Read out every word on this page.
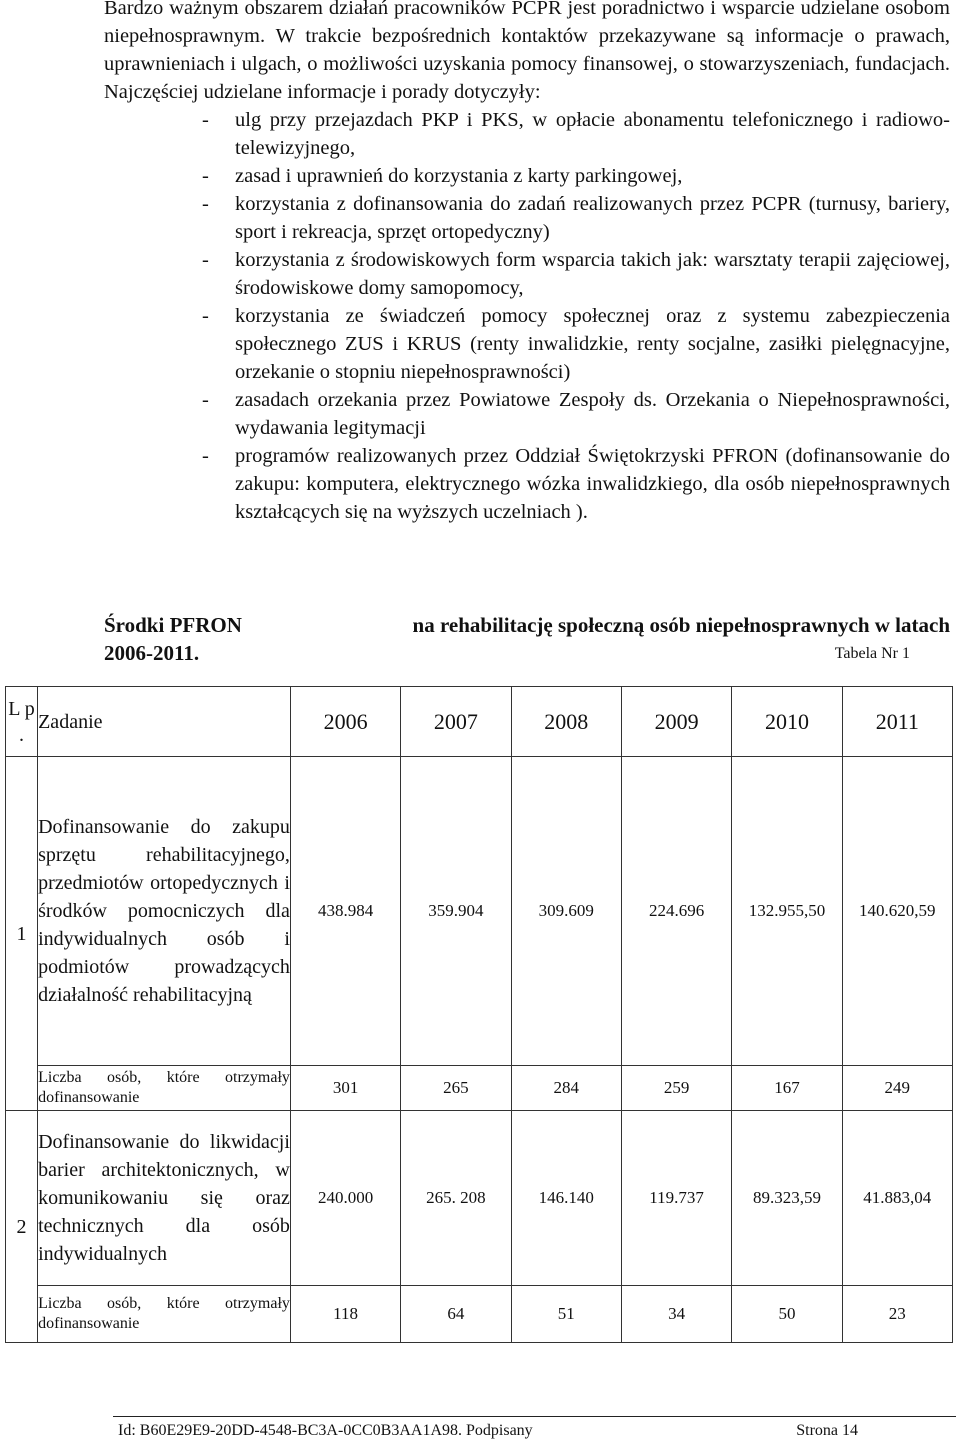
Bardzo ważnym obszarem działań pracowników PCPR jest poradnictwo i wsparcie udzielane osobom niepełnosprawnym. W trakcie bezpośrednich kontaktów przekazywane są informacje o prawach, uprawnieniach i ulgach, o możliwości uzyskania pomocy finansowej, o stowarzyszeniach, fundacjach. Najczęściej udzielane informacje i porady dotyczyły:

- ulg przy przejazdach PKP i PKS, w opłacie abonamentu telefonicznego i radiowo-telewizyjnego,
- zasad i uprawnień do korzystania z karty parkingowej,
- korzystania z dofinansowania do zadań realizowanych przez PCPR (turnusy, bariery, sport i rekreacja, sprzęt ortopedyczny)
- korzystania z środowiskowych form wsparcia takich jak: warsztaty terapii zajęciowej, środowiskowe domy samopomocy,
- korzystania ze świadczeń pomocy społecznej oraz z systemu zabezpieczenia społecznego ZUS i KRUS (renty inwalidzkie, renty socjalne, zasiłki pielęgnacyjne, orzekanie o stopniu niepełnosprawności)
- zasadach orzekania przez Powiatowe Zespoły ds. Orzekania o Niepełnosprawności, wydawania legitymacji
- programów realizowanych przez Oddział Świętokrzyski PFRON (dofinansowanie do zakupu: komputera, elektrycznego wózka inwalidzkiego, dla osób niepełnosprawnych kształcących się na wyższych uczelniach ).
Środki PFRON	na rehabilitację społeczną osób niepełnosprawnych w latach
2006-2011.	Tabela Nr 1
L p .	Zadanie	2006	2007	2008	2009	2010	2011
1	Dofinansowanie do zakupu sprzętu rehabilitacyjnego, przedmiotów ortopedycznych i środków pomocniczych dla indywidualnych osób i podmiotów prowadzących działalność rehabilitacyjną	438.984	359.904	309.609	224.696	132.955,50	140.620,59
	Liczba osób, które otrzymały dofinansowanie	301	265	284	259	167	249
2	Dofinansowanie do likwidacji barier architektonicznych, w komunikowaniu się oraz technicznych dla osób indywidualnych	240.000	265. 208	146.140	119.737	89.323,59	41.883,04
	Liczba osób, które otrzymały dofinansowanie	118	64	51	34	50	23
Id: B60E29E9-20DD-4548-BC3A-0CC0B3AA1A98. Podpisany	Strona 14
